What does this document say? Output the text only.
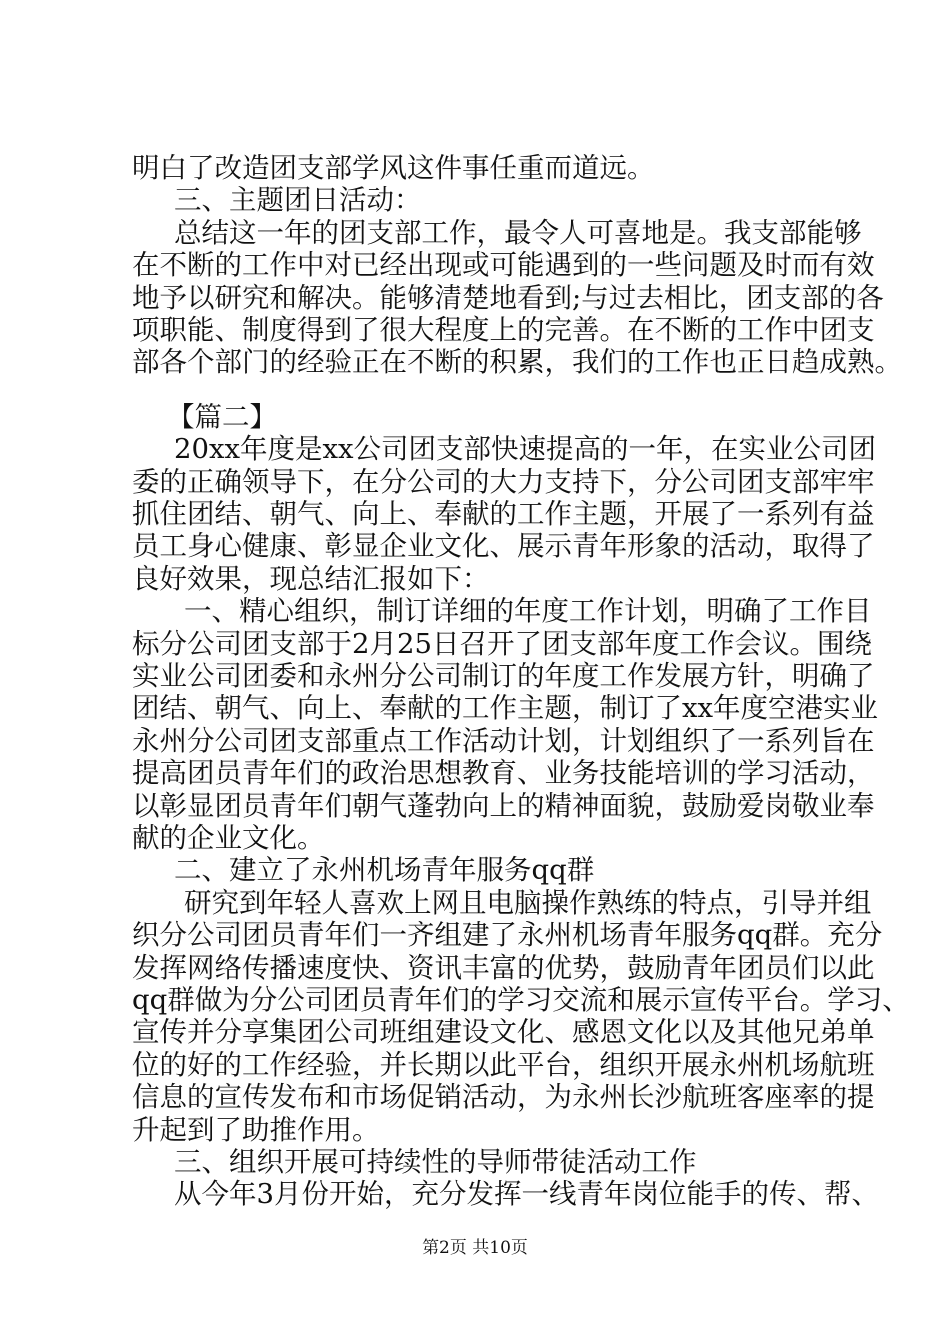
明白了改造团支部学风这件事任重而道远。
三、主题团日活动：
总结这一年的团支部工作，最令人可喜地是。我支部能够
在不断的工作中对已经出现或可能遇到的一些问题及时而有效
地予以研究和解决。能够清楚地看到;与过去相比，团支部的各
项职能、制度得到了很大程度上的完善。在不断的工作中团支
部各个部门的经验正在不断的积累，我们的工作也正日趋成熟。
【篇二】
20xx年度是xx公司团支部快速提高的一年，在实业公司团
委的正确领导下，在分公司的大力支持下，分公司团支部牢牢
抓住团结、朝气、向上、奉献的工作主题，开展了一系列有益
员工身心健康、彰显企业文化、展示青年形象的活动，取得了
良好效果，现总结汇报如下：
一、精心组织，制订详细的年度工作计划，明确了工作目
标分公司团支部于2月25日召开了团支部年度工作会议。围绕
实业公司团委和永州分公司制订的年度工作发展方针，明确了
团结、朝气、向上、奉献的工作主题，制订了xx年度空港实业
永州分公司团支部重点工作活动计划，计划组织了一系列旨在
提高团员青年们的政治思想教育、业务技能培训的学习活动，
以彰显团员青年们朝气蓬勃向上的精神面貌，鼓励爱岗敬业奉
献的企业文化。
二、建立了永州机场青年服务qq群
研究到年轻人喜欢上网且电脑操作熟练的特点，引导并组
织分公司团员青年们一齐组建了永州机场青年服务qq群。充分
发挥网络传播速度快、资讯丰富的优势，鼓励青年团员们以此
qq群做为分公司团员青年们的学习交流和展示宣传平台。学习、
宣传并分享集团公司班组建设文化、感恩文化以及其他兄弟单
位的好的工作经验，并长期以此平台，组织开展永州机场航班
信息的宣传发布和市场促销活动，为永州长沙航班客座率的提
升起到了助推作用。
三、组织开展可持续性的导师带徒活动工作
从今年3月份开始，充分发挥一线青年岗位能手的传、帮、
第2页 共10页
